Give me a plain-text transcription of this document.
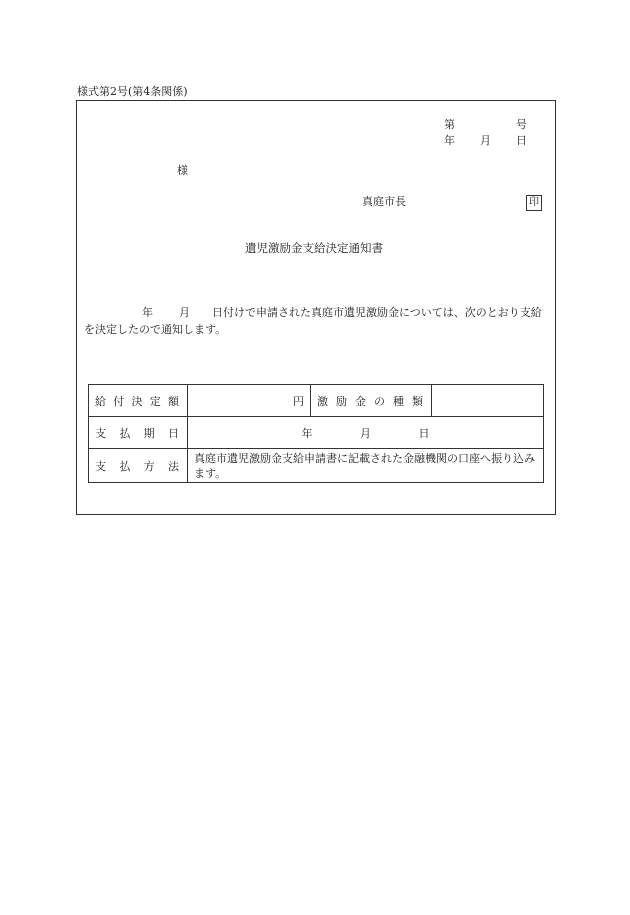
様式第2号(第4条関係)
第	号
年 月 日
様
真庭市長	印
遺児激励金支給決定通知書
年 月 日付けで申請された真庭市遺児激励金については、次のとおり支給を決定したので通知します。
給付決定額	円	激励金の種類	
支払期日	年 月 日		
支払方法	真庭市遺児激励金支給申請書に記載された金融機関の口座へ振り込みます。		
